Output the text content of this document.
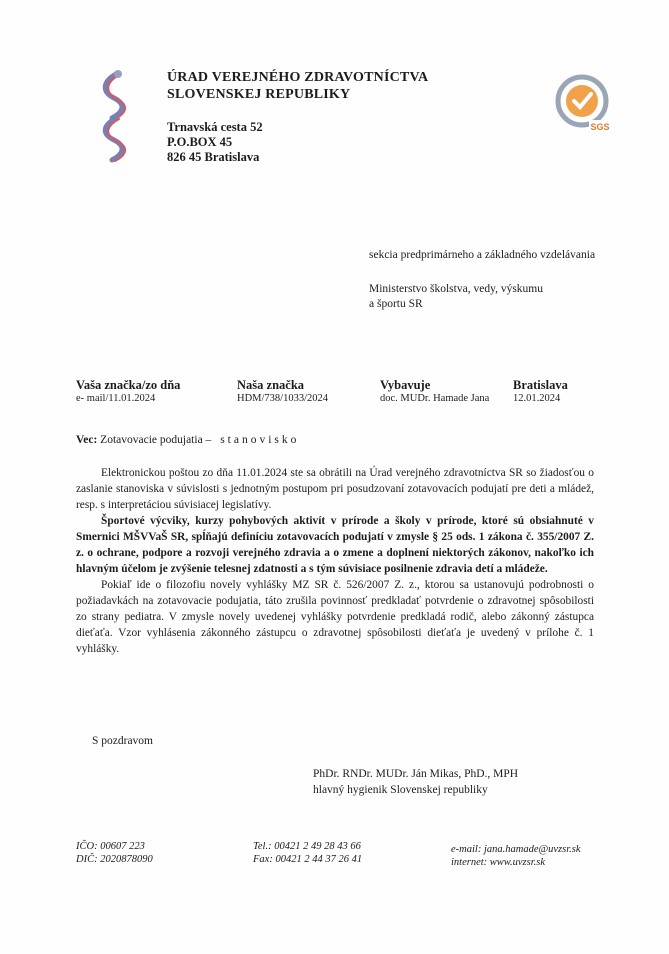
ÚRAD VEREJNÉHO ZDRAVOTNÍCTVA
SLOVENSKEJ REPUBLIKY
Trnavská cesta 52
P.O.BOX 45
826 45 Bratislava
SGS
sekcia predprimárneho a základného vzdelávania
Ministerstvo školstva, vedy, výskumu
a športu SR
Vaša značka/zo dňa
e- mail/11.01.2024
Naša značka
HDM/738/1033/2024
Vybavuje
doc. MUDr. Hamade Jana
Bratislava
12.01.2024
Vec: Zotavovacie podujatia – stanovisko

Elektronickou poštou zo dňa 11.01.2024 ste sa obrátili na Úrad verejného zdravotníctva SR so žiadosťou o zaslanie stanoviska v súvislosti s jednotným postupom pri posudzovaní zotavovacích podujatí pre deti a mládež, resp. s interpretáciou súvisiacej legislatívy.

Športové výcviky, kurzy pohybových aktivít v prírode a školy v prírode, ktoré sú obsiahnuté v Smernici MŠVVaŠ SR, spĺňajú definíciu zotavovacích podujatí v zmysle § 25 ods. 1 zákona č. 355/2007 Z. z. o ochrane, podpore a rozvoji verejného zdravia a o zmene a doplnení niektorých zákonov, nakoľko ich hlavným účelom je zvýšenie telesnej zdatnosti a s tým súvisiace posilnenie zdravia detí a mládeže.

Pokiaľ ide o filozofiu novely vyhlášky MZ SR č. 526/2007 Z. z., ktorou sa ustanovujú podrobnosti o požiadavkách na zotavovacie podujatia, táto zrušila povinnosť predkladať potvrdenie o zdravotnej spôsobilosti zo strany pediatra. V zmysle novely uvedenej vyhlášky potvrdenie predkladá rodič, alebo zákonný zástupca dieťaťa. Vzor vyhlásenia zákonného zástupcu o zdravotnej spôsobilosti dieťaťa je uvedený v prílohe č. 1 vyhlášky.

S pozdravom
PhDr. RNDr. MUDr. Ján Mikas, PhD., MPH
hlavný hygienik Slovenskej republiky
IČO: 00607 223
DIČ: 2020878090
Tel.: 00421 2 49 28 43 66
Fax: 00421 2 44 37 26 41
e-mail: jana.hamade@uvzsr.sk
internet: www.uvzsr.sk
